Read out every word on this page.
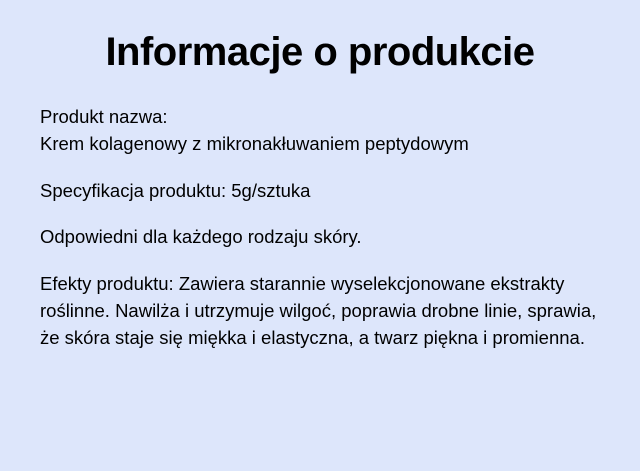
Informacje o produkcie
Produkt nazwa:
Krem kolagenowy z mikronakłuwaniem peptydowym
Specyfikacja produktu: 5g/sztuka
Odpowiedni dla każdego rodzaju skóry.
Efekty produktu: Zawiera starannie wyselekcjonowane ekstrakty roślinne. Nawilża i utrzymuje wilgoć, poprawia drobne linie, sprawia, że skóra staje się miękka i elastyczna, a twarz piękna i promienna.
